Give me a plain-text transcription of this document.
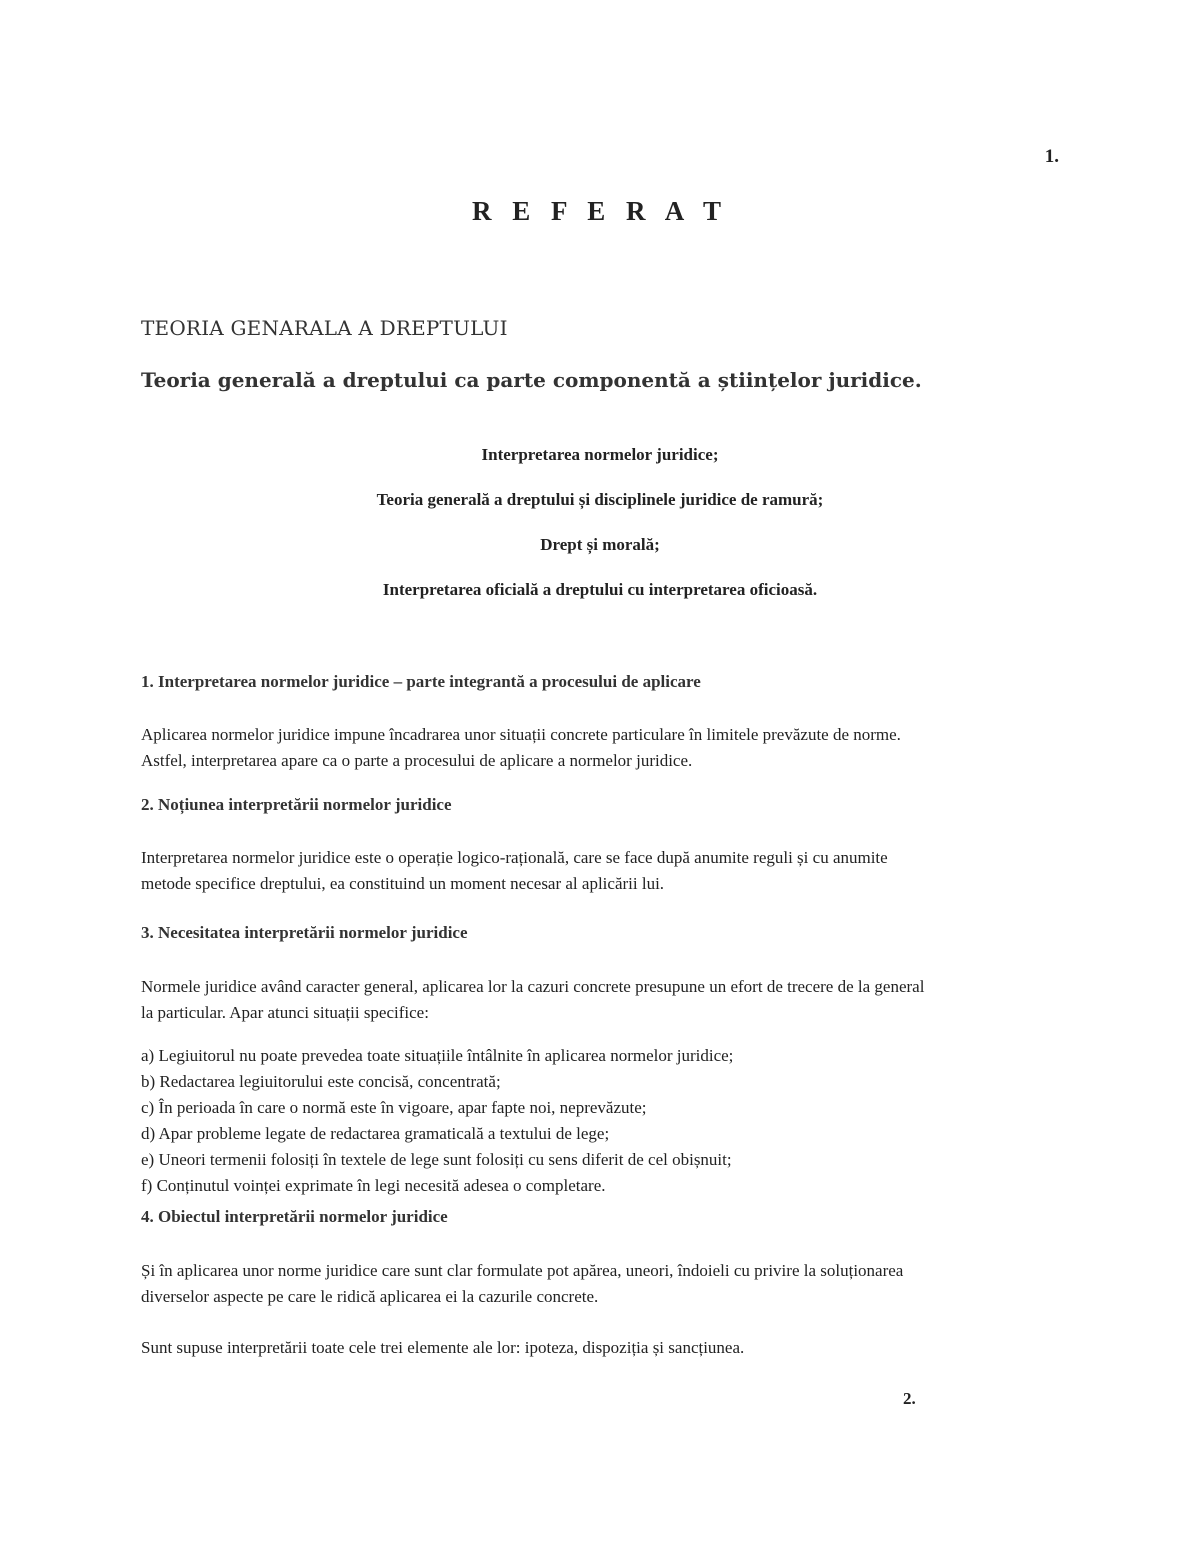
1.
R E F E R A T
TEORIA GENARALA A DREPTULUI
Teoria generală a dreptului ca parte componentă a științelor juridice.
Interpretarea normelor juridice;
Teoria generală a dreptului și disciplinele juridice de ramură;
Drept și morală;
Interpretarea oficială a dreptului cu interpretarea oficioasă.
1. Interpretarea normelor juridice – parte integrantă a procesului de aplicare
Aplicarea normelor juridice impune încadrarea unor situații concrete particulare în limitele prevăzute de norme.
Astfel, interpretarea apare ca o parte a procesului de aplicare a normelor juridice.
2. Noțiunea interpretării normelor juridice
Interpretarea normelor juridice este o operație logico-rațională, care se face după anumite reguli și cu anumite
metode specifice dreptului, ea constituind un moment necesar al aplicării lui.
3. Necesitatea interpretării normelor juridice
Normele juridice având caracter general, aplicarea lor la cazuri concrete presupune un efort de trecere de la general
la particular. Apar atunci situații specifice:
a) Legiuitorul nu poate prevedea toate situațiile întâlnite în aplicarea normelor juridice;
b) Redactarea legiuitorului este concisă, concentrată;
c) În perioada în care o normă este în vigoare, apar fapte noi, neprevăzute;
d) Apar probleme legate de redactarea gramaticală a textului de lege;
e) Uneori termenii folosiți în textele de lege sunt folosiți cu sens diferit de cel obișnuit;
f) Conținutul voinței exprimate în legi necesită adesea o completare.
4. Obiectul interpretării normelor juridice
Și în aplicarea unor norme juridice care sunt clar formulate pot apărea, uneori, îndoieli cu privire la soluționarea
diverselor aspecte pe care le ridică aplicarea ei la cazurile concrete.
Sunt supuse interpretării toate cele trei elemente ale lor: ipoteza, dispoziția și sancțiunea.
2.
